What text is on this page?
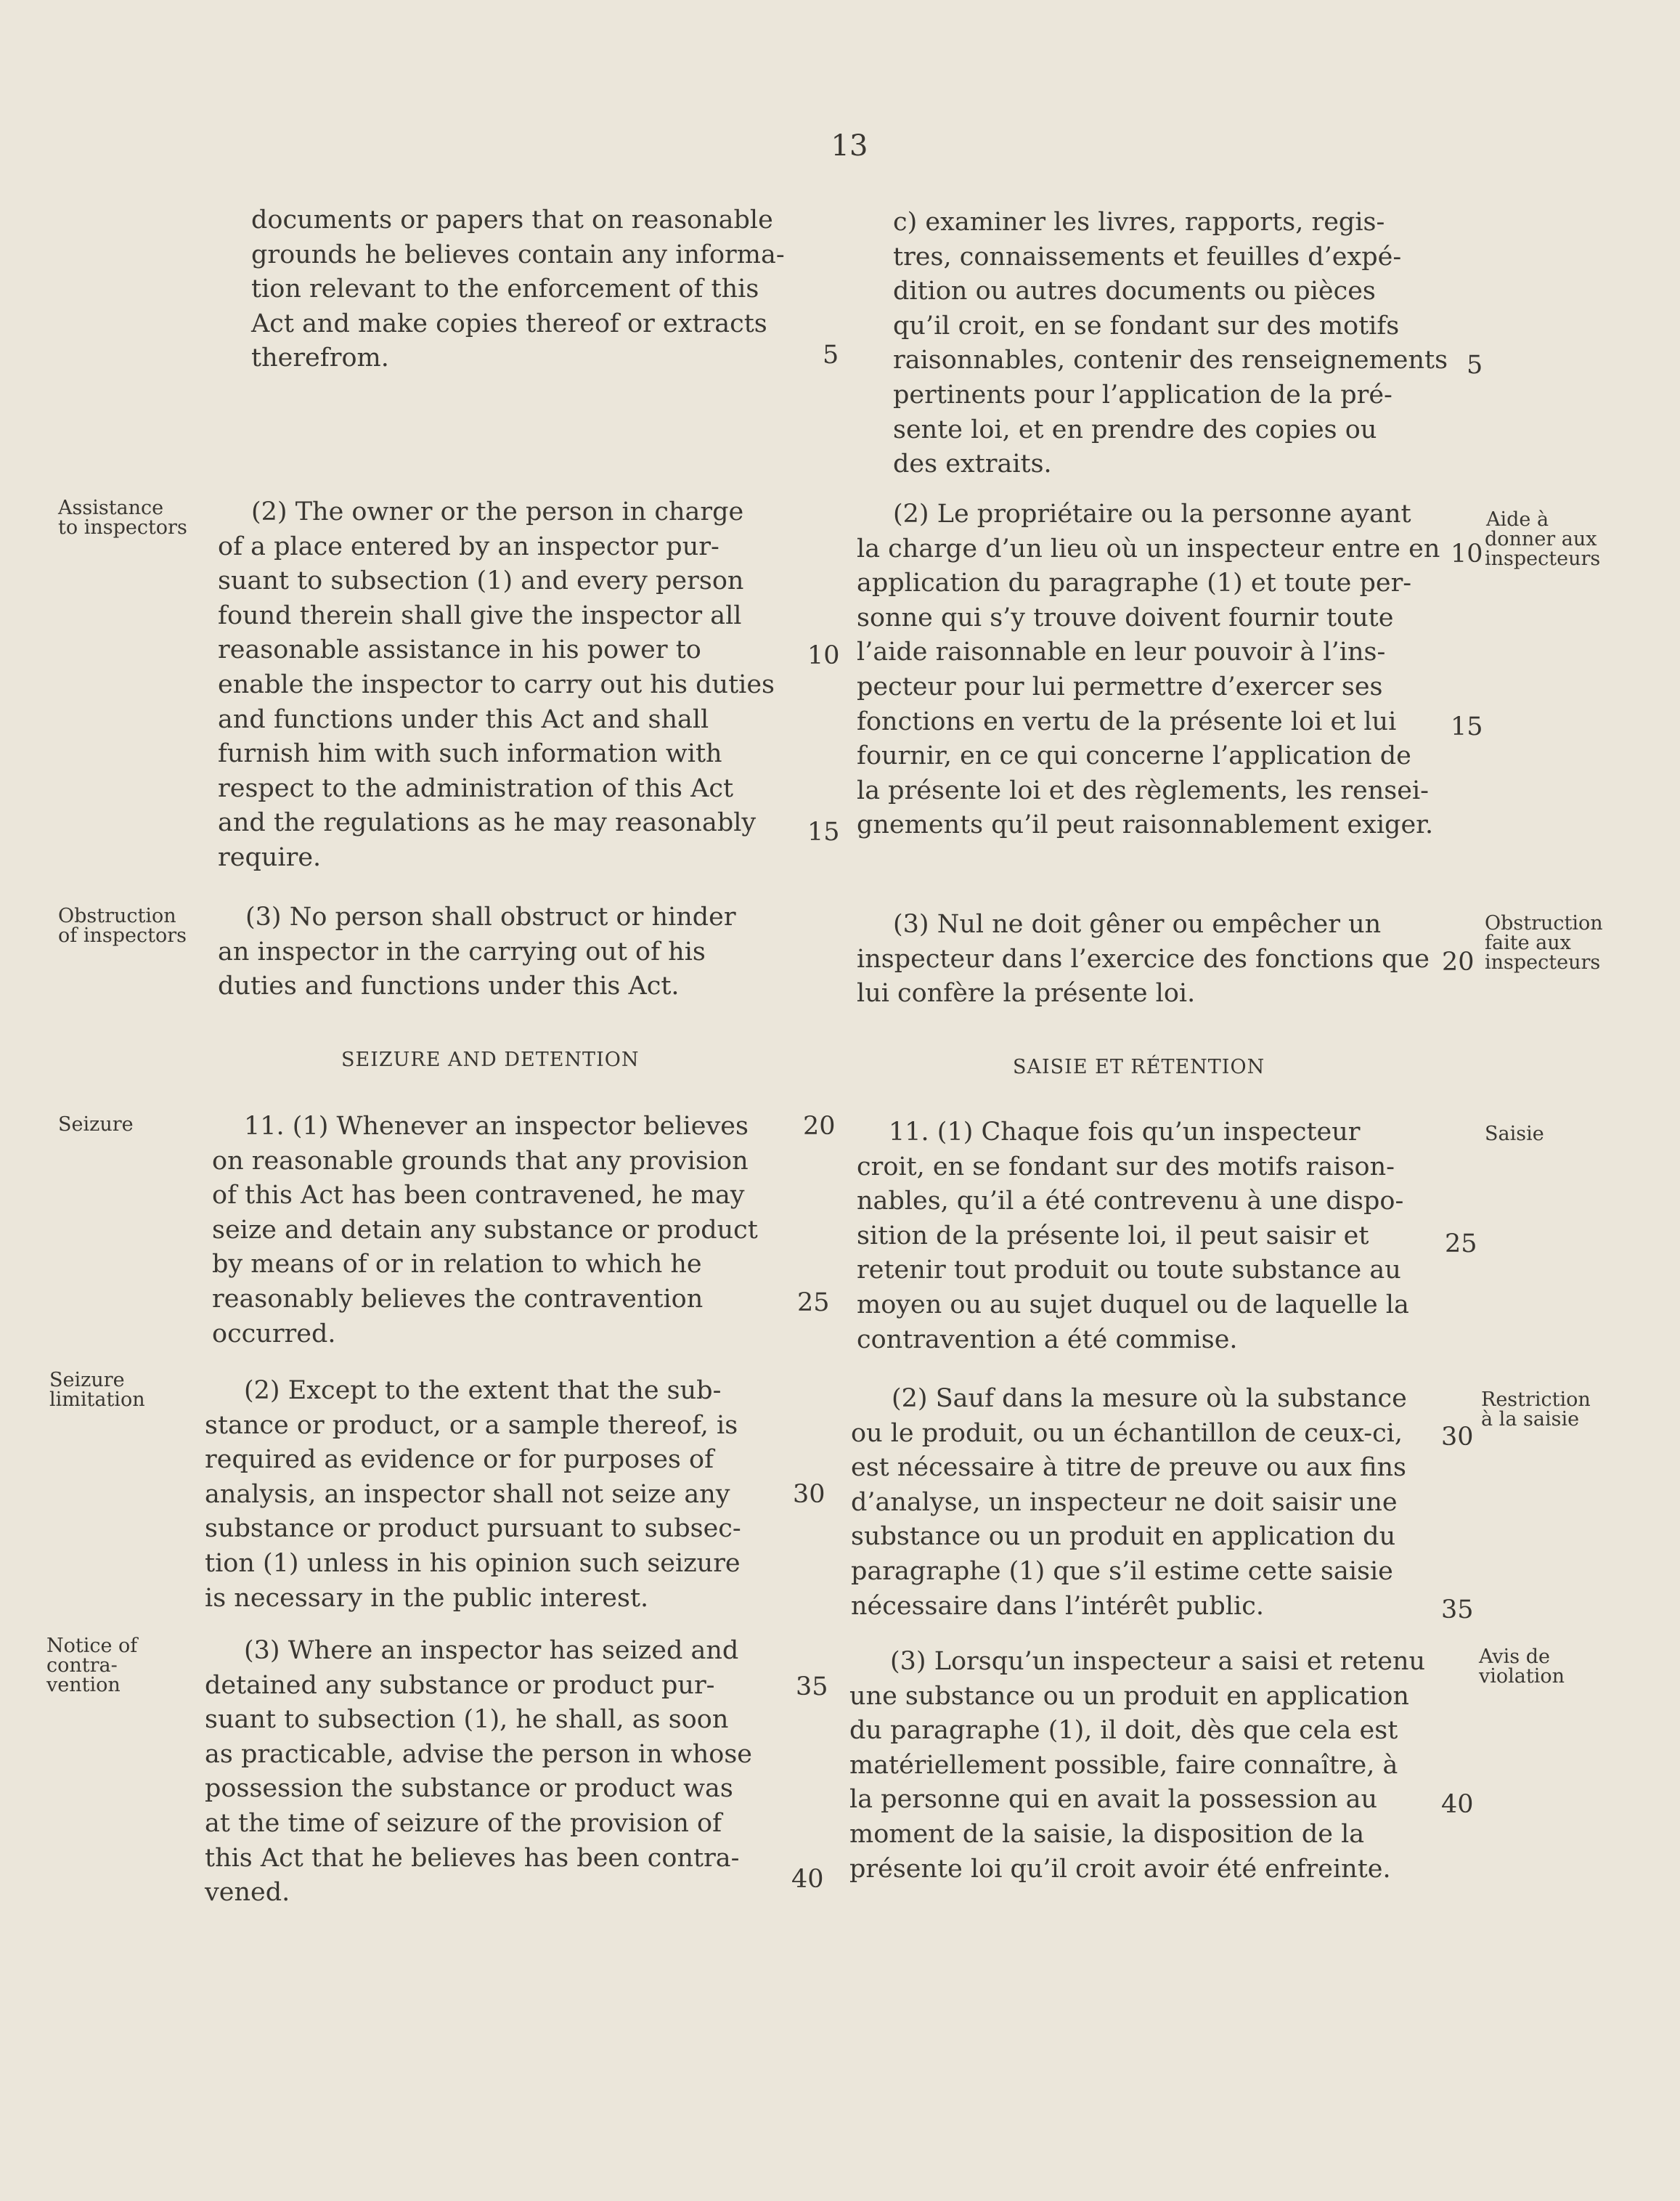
13
documents or papers that on reasonable
grounds he believes contain any informa-
tion relevant to the enforcement of this
Act and make copies thereof or extracts
therefrom.	5
Assistance
to inspectors
(2) The owner or the person in charge
of a place entered by an inspector pur-
suant to subsection (1) and every person
found therein shall give the inspector all
reasonable assistance in his power to
enable the inspector to carry out his duties
and functions under this Act and shall
furnish him with such information with
respect to the administration of this Act
and the regulations as he may reasonably
require.
10
15
Obstruction
of inspectors
(3) No person shall obstruct or hinder
an inspector in the carrying out of his
duties and functions under this Act.
SEIZURE AND DETENTION
Seizure	11. (1) Whenever an inspector believes
on reasonable grounds that any provision
of this Act has been contravened, he may
seize and detain any substance or product
by means of or in relation to which he
reasonably believes the contravention
occurred.
20
25
Seizure
limitation	(2) Except to the extent that the sub-
stance or product, or a sample thereof, is
required as evidence or for purposes of
analysis, an inspector shall not seize any
substance or product pursuant to subsec-
tion (1) unless in his opinion such seizure
is necessary in the public interest.
30
Notice of
contra-
vention
(3) Where an inspector has seized and
detained any substance or product pur-
suant to subsection (1), he shall, as soon
as practicable, advise the person in whose
possession the substance or product was
at the time of seizure of the provision of
this Act that he believes has been contra-
vened.
35
40
c) examiner les livres, rapports, regis-
tres, connaissements et feuilles d’expé-
dition ou autres documents ou pièces
qu’il croit, en se fondant sur des motifs
raisonnables, contenir des renseignements
pertinents pour l’application de la pré-
sente loi, et en prendre des copies ou
des extraits.
5
(2) Le propriétaire ou la personne ayant
la charge d’un lieu où un inspecteur entre en
application du paragraphe (1) et toute per-
sonne qui s’y trouve doivent fournir toute
l’aide raisonnable en leur pouvoir à l’ins-
pecteur pour lui permettre d’exercer ses
fonctions en vertu de la présente loi et lui
fournir, en ce qui concerne l’application de
la présente loi et des règlements, les rensei-
gnements qu’il peut raisonnablement exiger.
10
15
Aide à
donner aux
inspecteurs
(3) Nul ne doit gêner ou empêcher un
inspecteur dans l’exercice des fonctions que
lui confère la présente loi.
20
Obstruction
faite aux
inspecteurs
SAISIE ET RÉTENTION
11. (1) Chaque fois qu’un inspecteur
croit, en se fondant sur des motifs raison-
nables, qu’il a été contrevenu à une dispo-
sition de la présente loi, il peut saisir et
retenir tout produit ou toute substance au
moyen ou au sujet duquel ou de laquelle la
contravention a été commise.
25
Saisie
(2) Sauf dans la mesure où la substance
ou le produit, ou un échantillon de ceux-ci,
est nécessaire à titre de preuve ou aux fins
d’analyse, un inspecteur ne doit saisir une
substance ou un produit en application du
paragraphe (1) que s’il estime cette saisie
nécessaire dans l’intérêt public.
30
35
Restriction
à la saisie
(3) Lorsqu’un inspecteur a saisi et retenu
une substance ou un produit en application
du paragraphe (1), il doit, dès que cela est
matériellement possible, faire connaître, à
la personne qui en avait la possession au
moment de la saisie, la disposition de la
présente loi qu’il croit avoir été enfreinte.
40
Avis de
violation
